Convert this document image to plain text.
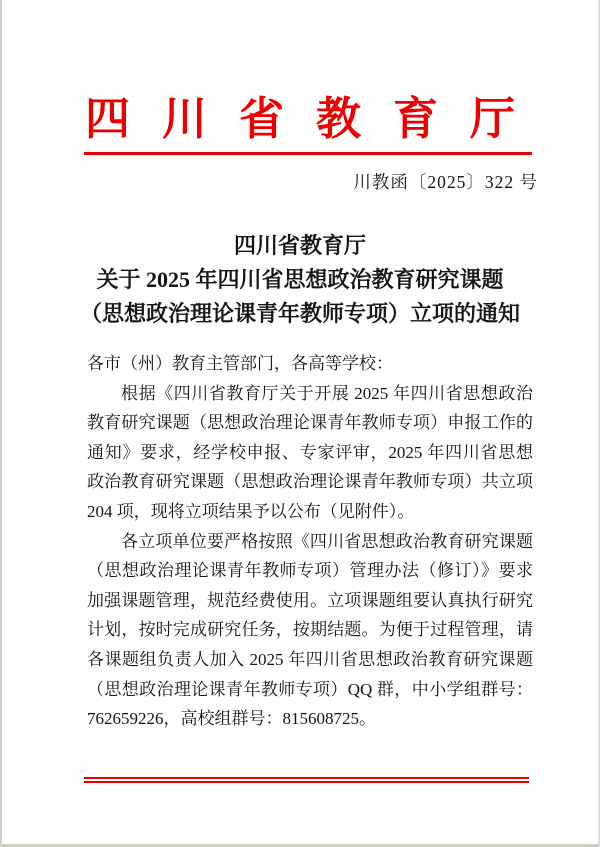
四川省教育厅
川教函〔2025〕322 号
四川省教育厅
关于 2025 年四川省思想政治教育研究课题
（思想政治理论课青年教师专项）立项的通知

各市（州）教育主管部门，各高等学校：

根据《四川省教育厅关于开展 2025 年四川省思想政治教育研究课题（思想政治理论课青年教师专项）申报工作的通知》要求，经学校申报、专家评审，2025 年四川省思想政治教育研究课题（思想政治理论课青年教师专项）共立项 204 项，现将立项结果予以公布（见附件）。

各立项单位要严格按照《四川省思想政治教育研究课题（思想政治理论课青年教师专项）管理办法（修订）》要求加强课题管理，规范经费使用。立项课题组要认真执行研究计划，按时完成研究任务，按期结题。为便于过程管理，请各课题组负责人加入 2025 年四川省思想政治教育研究课题（思想政治理论课青年教师专项）QQ 群，中小学组群号：762659226，高校组群号：815608725。
